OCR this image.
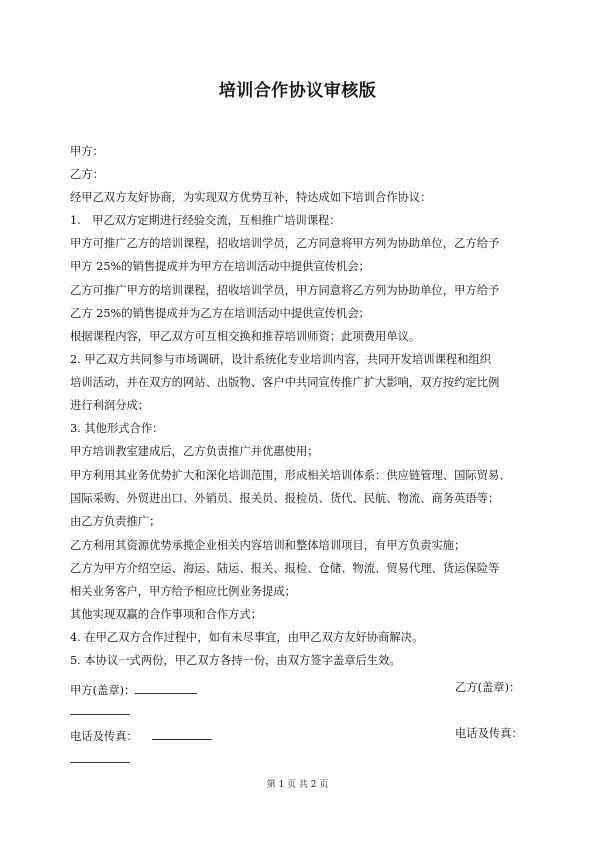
培训合作协议审核版
甲方：
乙方：
经甲乙双方友好协商，为实现双方优势互补，特达成如下培训合作协议：
1.　甲乙双方定期进行经验交流，互相推广培训课程：
甲方可推广乙方的培训课程，招收培训学员，乙方同意将甲方列为协助单位，乙方给予
甲方 25%的销售提成并为甲方在培训活动中提供宣传机会；
乙方可推广甲方的培训课程，招收培训学员，甲方同意将乙方列为协助单位，甲方给予
乙方 25%的销售提成并为乙方在培训活动中提供宣传机会；
根据课程内容，甲乙双方可互相交换和推荐培训师资；此项费用单议。
2. 甲乙双方共同参与市场调研，设计系统化专业培训内容，共同开发培训课程和组织
培训活动，并在双方的网站、出版物、客户中共同宣传推广扩大影响，双方按约定比例
进行利润分成；
3. 其他形式合作：
甲方培训教室建成后，乙方负责推广并优惠使用；
甲方利用其业务优势扩大和深化培训范围，形成相关培训体系：供应链管理、国际贸易、
国际采购、外贸进出口、外销员、报关员、报检员、货代、民航、物流、商务英语等；
由乙方负责推广；
乙方利用其资源优势承揽企业相关内容培训和整体培训项目，有甲方负责实施；
乙方为甲方介绍空运、海运、陆运、报关、报检、仓储、物流、贸易代理、货运保险等
相关业务客户，甲方给予相应比例业务提成；
其他实现双赢的合作事项和合作方式；
4. 在甲乙双方合作过程中，如有未尽事宜，由甲乙双方友好协商解决。
5. 本协议一式两份，甲乙双方各持一份，由双方签字盖章后生效。
甲方(盖章)：	乙方(盖章)：
电话及传真：	电话及传真：
第 1 页 共 2 页
